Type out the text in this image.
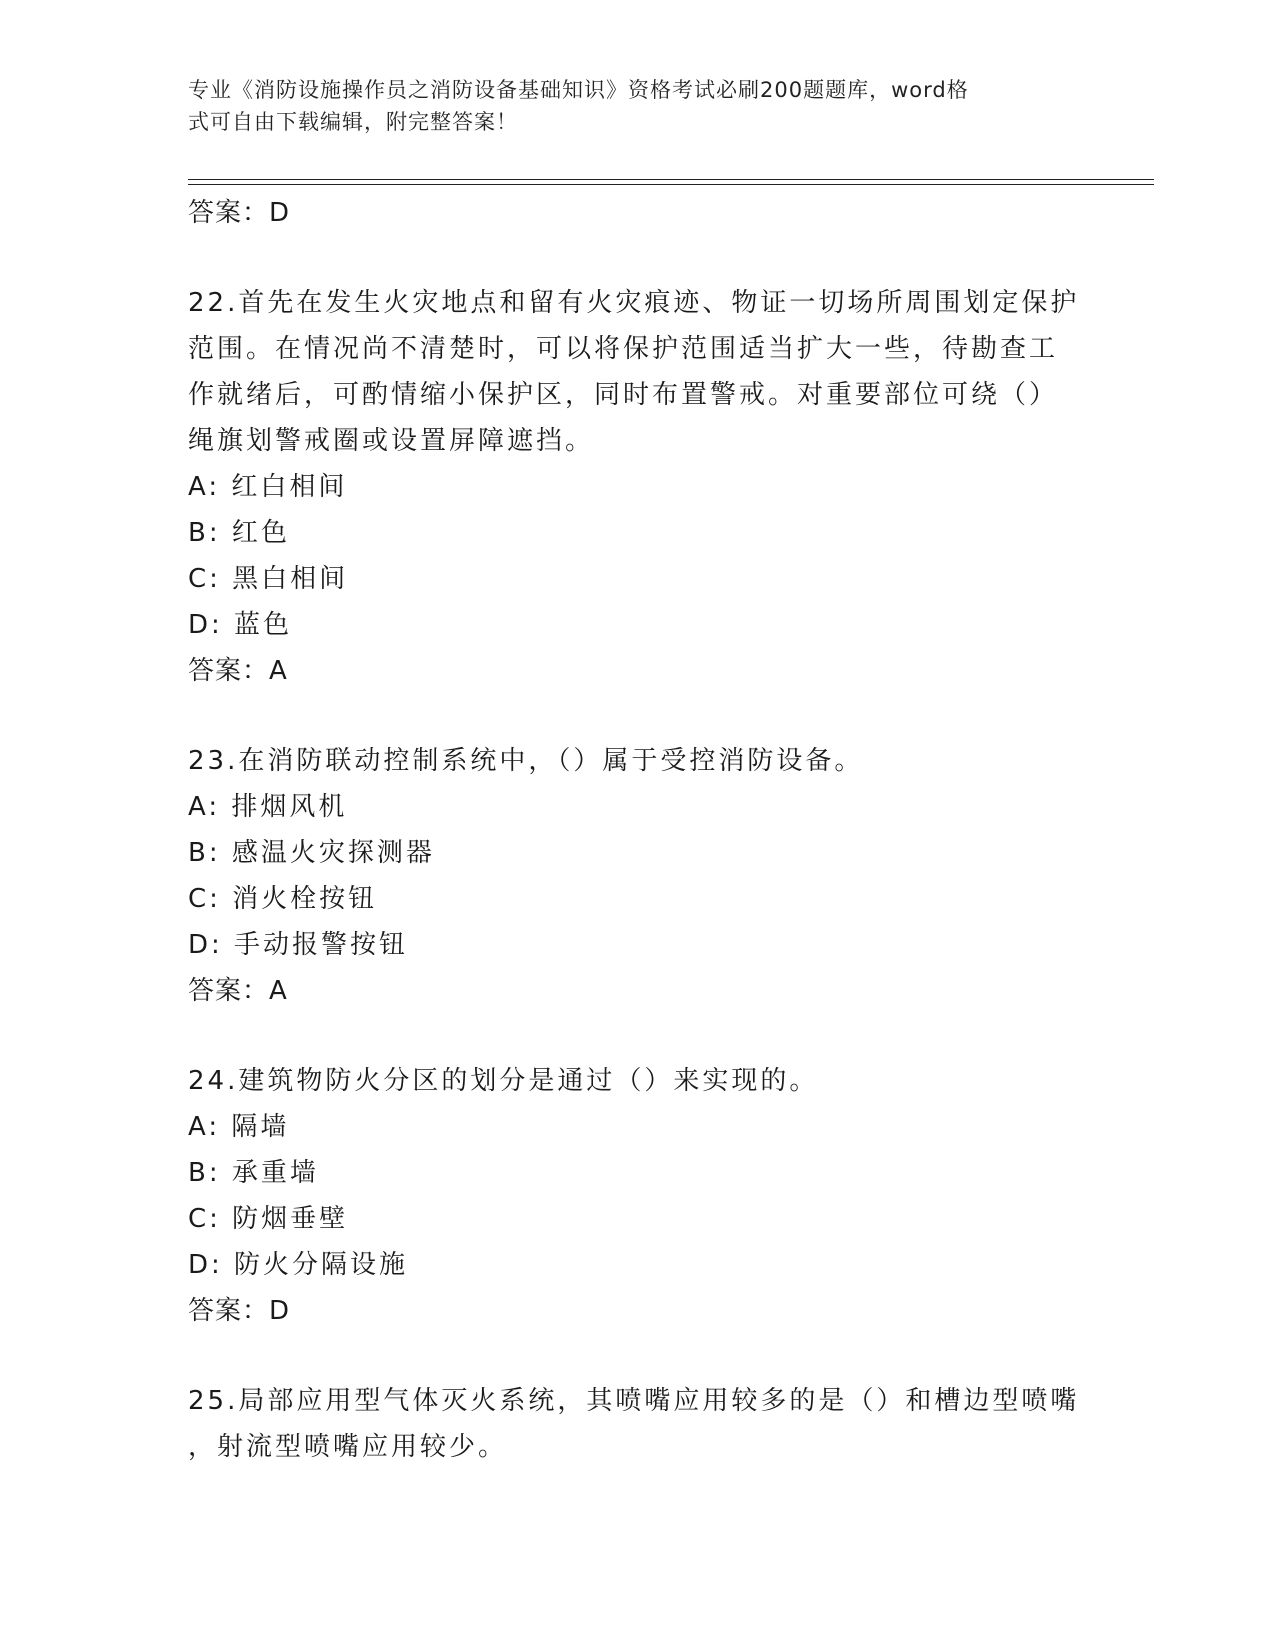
专业《消防设施操作员之消防设备基础知识》资格考试必刷200题题库，word格
式可自由下载编辑，附完整答案！
答案：D
22.首先在发生火灾地点和留有火灾痕迹、物证一切场所周围划定保护
范围。在情况尚不清楚时，可以将保护范围适当扩大一些，待勘查工
作就绪后，可酌情缩小保护区，同时布置警戒。对重要部位可绕（）
绳旗划警戒圈或设置屏障遮挡。
A: 红白相间
B: 红色
C: 黑白相间
D: 蓝色
答案：A
23.在消防联动控制系统中，（）属于受控消防设备。
A: 排烟风机
B: 感温火灾探测器
C: 消火栓按钮
D: 手动报警按钮
答案：A
24.建筑物防火分区的划分是通过（）来实现的。
A: 隔墙
B: 承重墙
C: 防烟垂壁
D: 防火分隔设施
答案：D
25.局部应用型气体灭火系统，其喷嘴应用较多的是（）和槽边型喷嘴
，射流型喷嘴应用较少。
